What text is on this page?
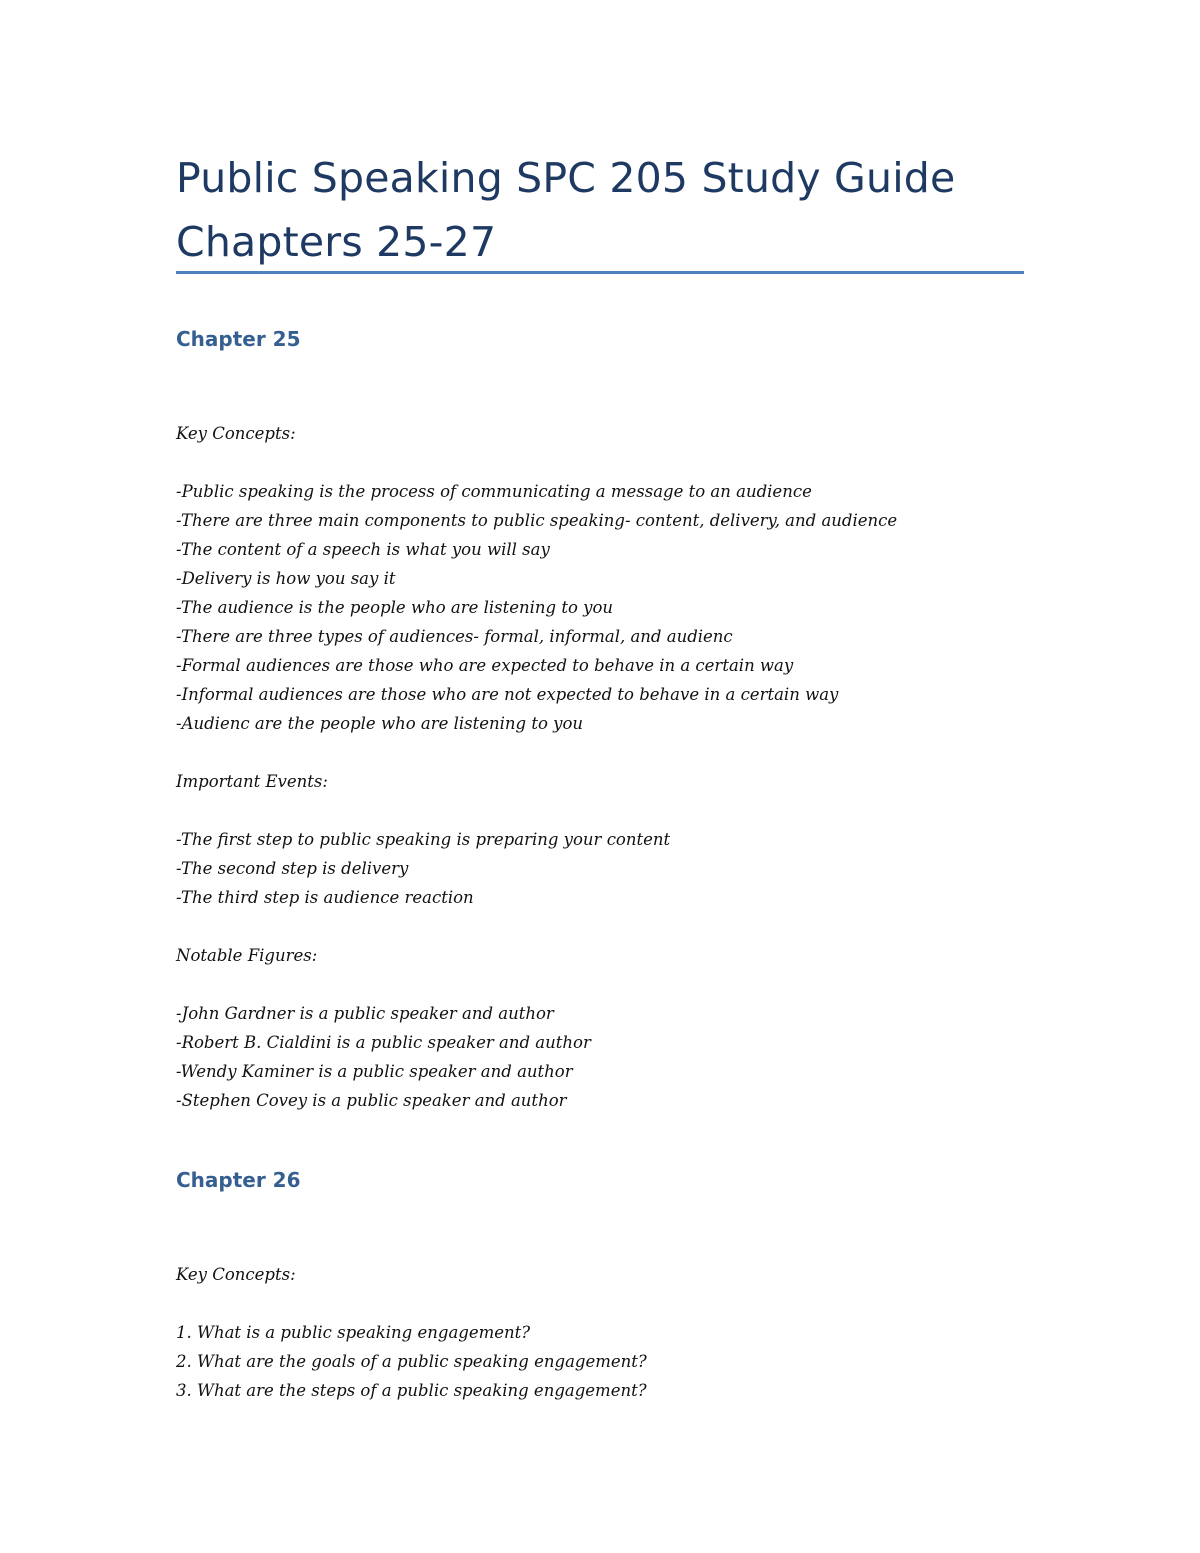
Public Speaking SPC 205 Study Guide
Chapters 25-27
Chapter 25
Key Concepts:
-Public speaking is the process of communicating a message to an audience
-There are three main components to public speaking- content, delivery, and audience
-The content of a speech is what you will say
-Delivery is how you say it
-The audience is the people who are listening to you
-There are three types of audiences- formal, informal, and audienc
-Formal audiences are those who are expected to behave in a certain way
-Informal audiences are those who are not expected to behave in a certain way
-Audienc are the people who are listening to you
Important Events:
-The first step to public speaking is preparing your content
-The second step is delivery
-The third step is audience reaction
Notable Figures:
-John Gardner is a public speaker and author
-Robert B. Cialdini is a public speaker and author
-Wendy Kaminer is a public speaker and author
-Stephen Covey is a public speaker and author
Chapter 26
Key Concepts:
1. What is a public speaking engagement?
2. What are the goals of a public speaking engagement?
3. What are the steps of a public speaking engagement?
